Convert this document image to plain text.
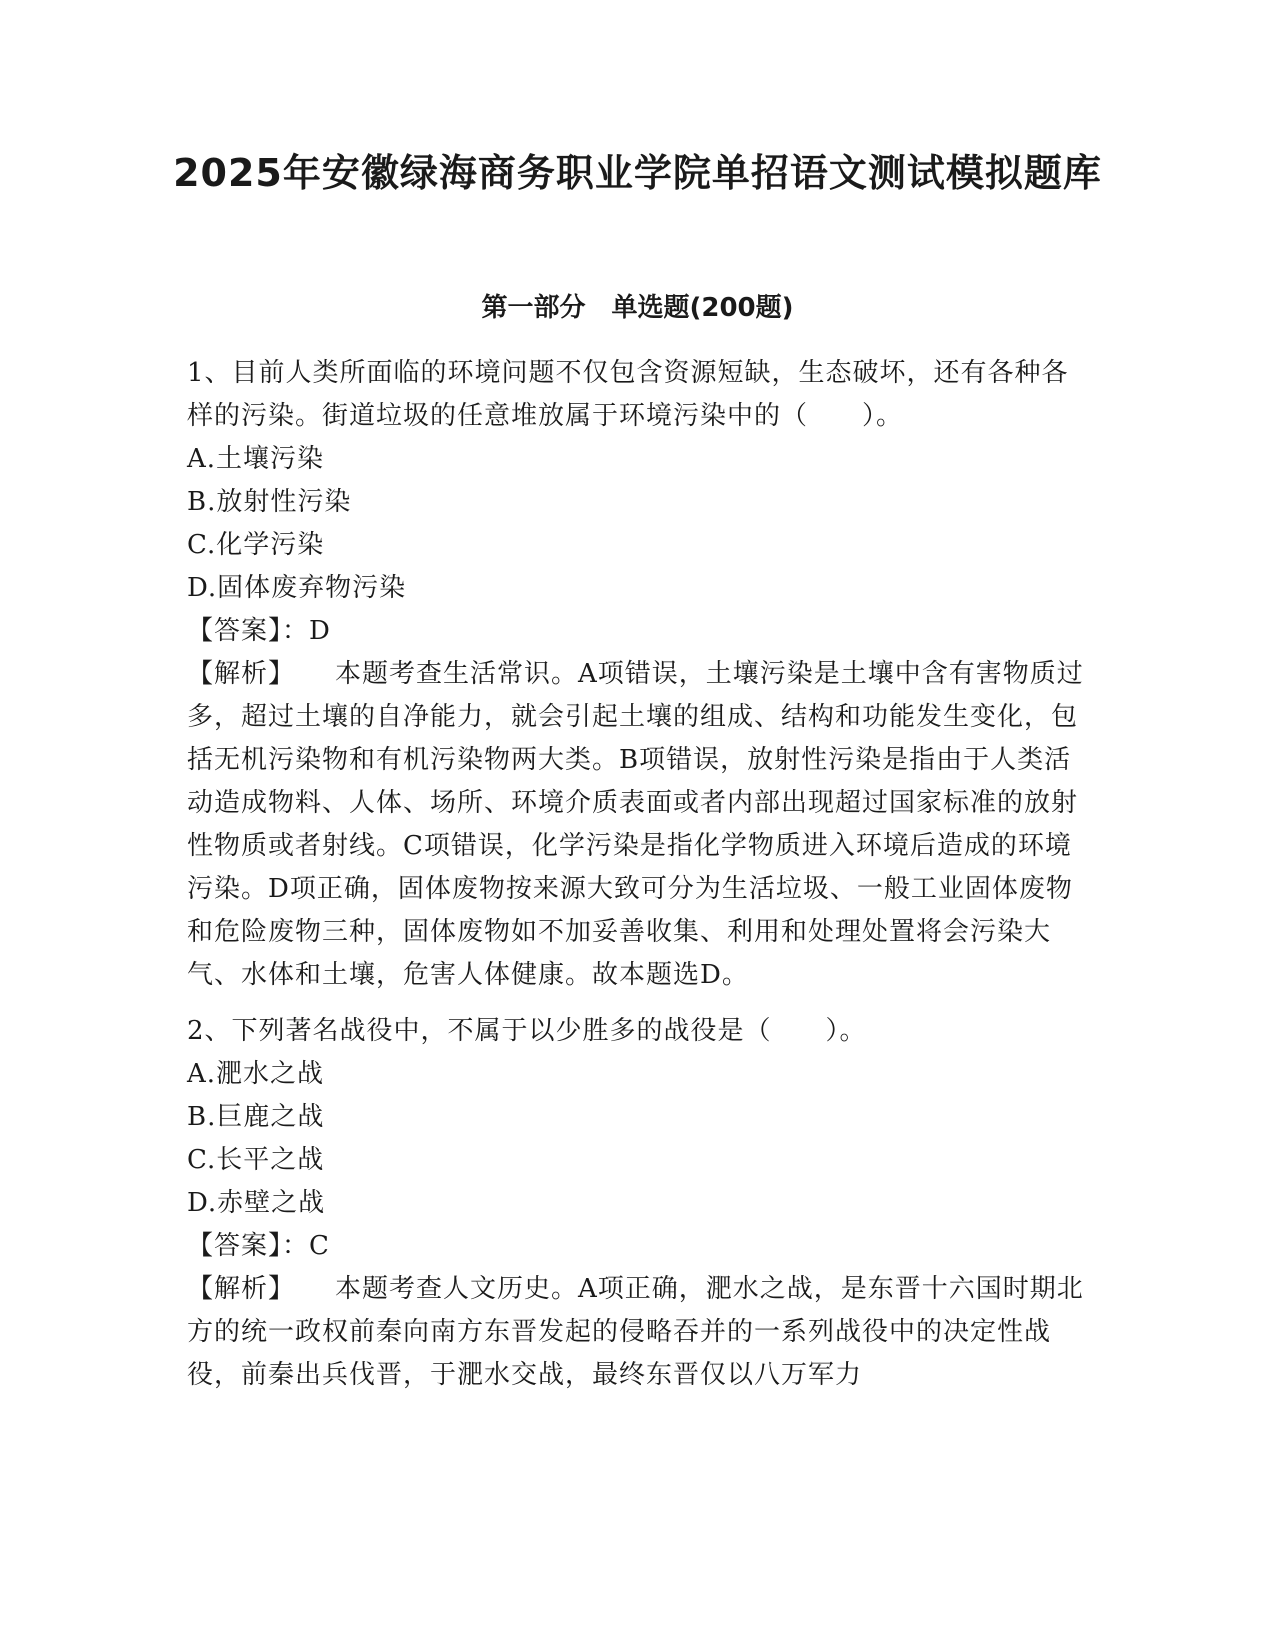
2025年安徽绿海商务职业学院单招语文测试模拟题库
第一部分　单选题(200题)

1、目前人类所面临的环境问题不仅包含资源短缺，生态破坏，还有各种各样的污染。街道垃圾的任意堆放属于环境污染中的（　　）。

A.土壤污染

B.放射性污染

C.化学污染

D.固体废弃物污染

【答案】：D

【解析】 本题考查生活常识。A项错误，土壤污染是土壤中含有害物质过多，超过土壤的自净能力，就会引起土壤的组成、结构和功能发生变化，包括无机污染物和有机污染物两大类。B项错误，放射性污染是指由于人类活动造成物料、人体、场所、环境介质表面或者内部出现超过国家标准的放射性物质或者射线。C项错误，化学污染是指化学物质进入环境后造成的环境污染。D项正确，固体废物按来源大致可分为生活垃圾、一般工业固体废物和危险废物三种，固体废物如不加妥善收集、利用和处理处置将会污染大气、水体和土壤，危害人体健康。故本题选D。

2、下列著名战役中，不属于以少胜多的战役是（　　）。

A.淝水之战

B.巨鹿之战

C.长平之战

D.赤壁之战

【答案】：C

【解析】 本题考查人文历史。A项正确，淝水之战，是东晋十六国时期北方的统一政权前秦向南方东晋发起的侵略吞并的一系列战役中的决定性战役，前秦出兵伐晋，于淝水交战，最终东晋仅以八万军力
